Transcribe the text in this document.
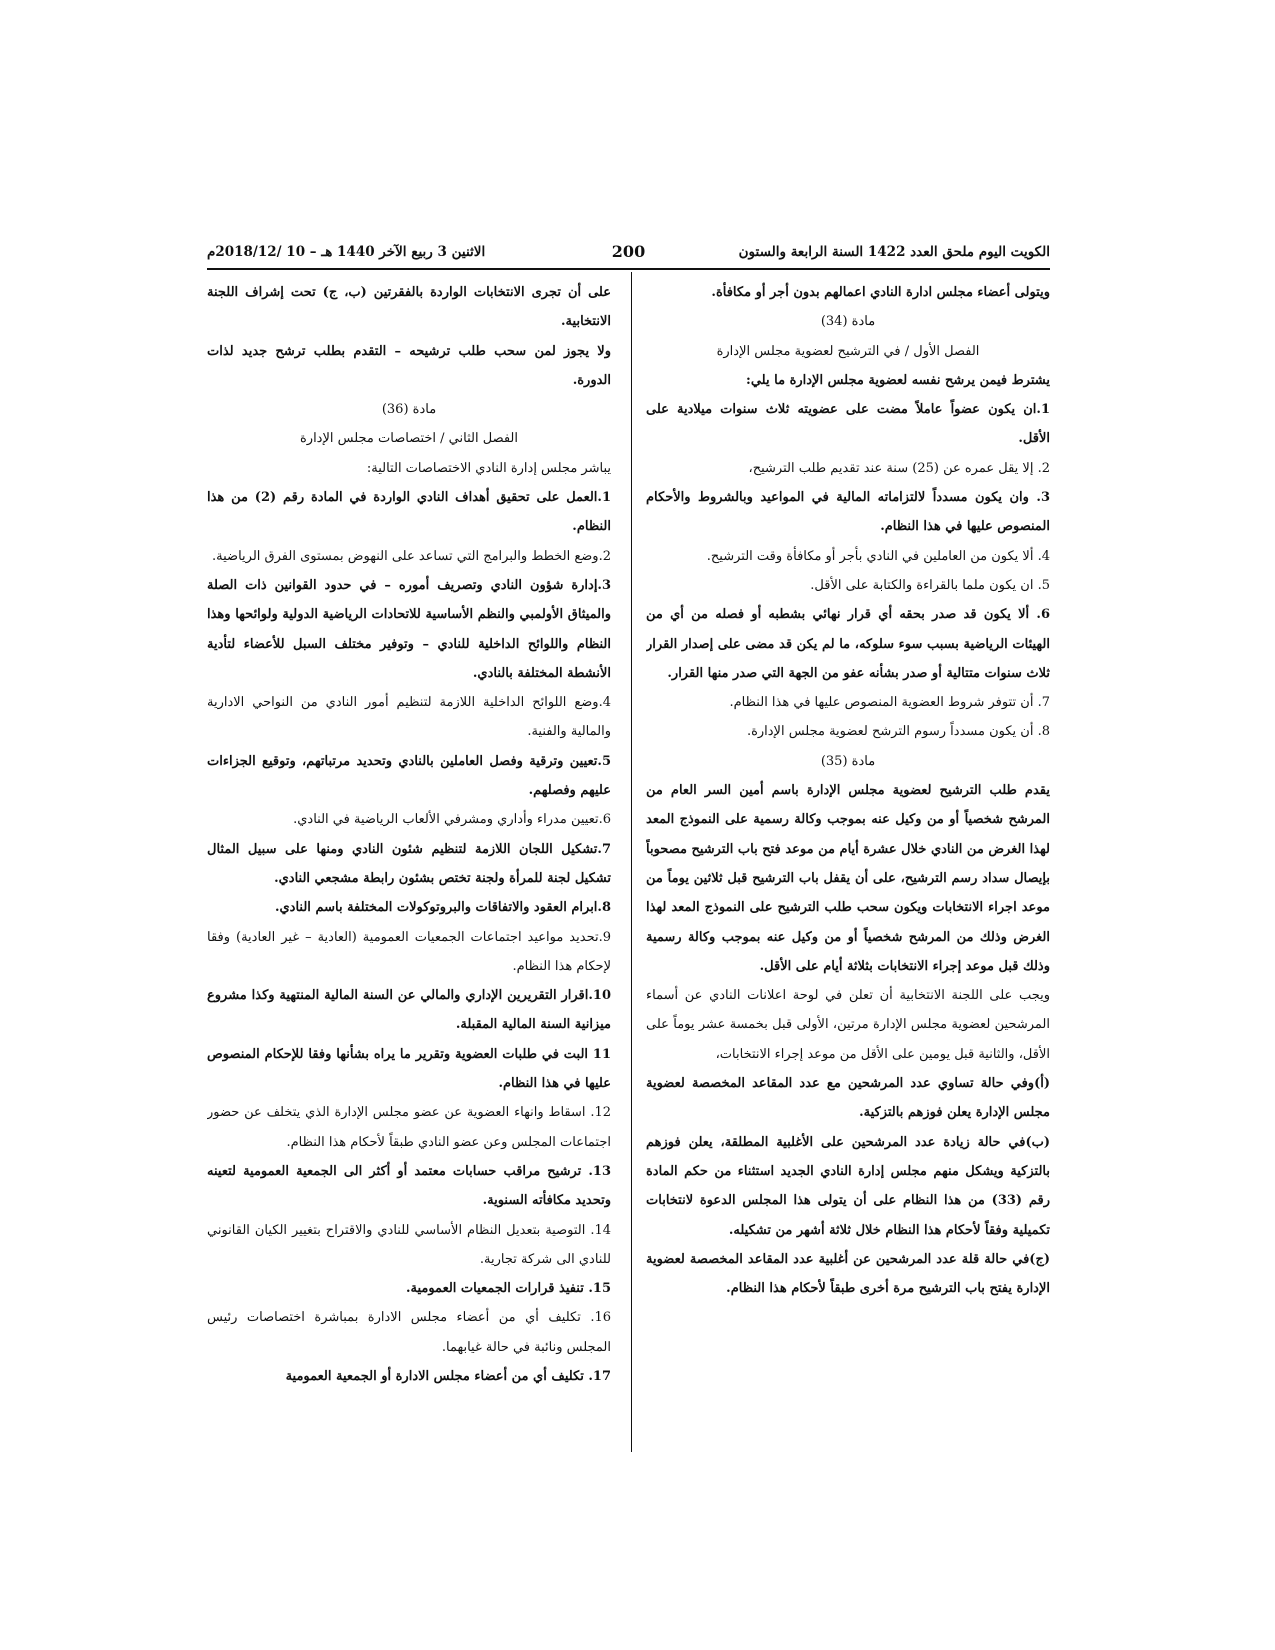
الكويت اليوم ملحق العدد 1422 السنة الرابعة والستون
200
الاثنين 3 ربيع الآخر 1440 هـ – 10 /2018/12م

ويتولى أعضاء مجلس ادارة النادي اعمالهم بدون أجر أو مكافأة.

مادة (34)

الفصل الأول / في الترشيح لعضوية مجلس الإدارة

يشترط فيمن يرشح نفسه لعضوية مجلس الإدارة ما يلي:

1.ان يكون عضواً عاملاً مضت على عضويته ثلاث سنوات ميلادية على الأقل.

2. إلا يقل عمره عن (25) سنة عند تقديم طلب الترشيح،

3. وان يكون مسدداً لالتزاماته المالية في المواعيد وبالشروط والأحكام المنصوص عليها في هذا النظام.

4. ألا يكون من العاملين في النادي بأجر أو مكافأة وقت الترشيح.

5. ان يكون ملما بالقراءة والكتابة على الأقل.

6. ألا يكون قد صدر بحقه أي قرار نهائي بشطبه أو فصله من أي من الهيئات الرياضية بسبب سوء سلوكه، ما لم يكن قد مضى على إصدار القرار ثلاث سنوات متتالية أو صدر بشأنه عفو من الجهة التي صدر منها القرار.

7. أن تتوفر شروط العضوية المنصوص عليها في هذا النظام.

8. أن يكون مسدداً رسوم الترشح لعضوية مجلس الإدارة.

مادة (35)

يقدم طلب الترشيح لعضوية مجلس الإدارة باسم أمين السر العام من المرشح شخصياً أو من وكيل عنه بموجب وكالة رسمية على النموذج المعد لهذا الغرض من النادي خلال عشرة أيام من موعد فتح باب الترشيح مصحوباً بإيصال سداد رسم الترشيح، على أن يقفل باب الترشيح قبل ثلاثين يوماً من موعد اجراء الانتخابات ويكون سحب طلب الترشيح على النموذج المعد لهذا الغرض وذلك من المرشح شخصياً أو من وكيل عنه بموجب وكالة رسمية وذلك قبل موعد إجراء الانتخابات بثلاثة أيام على الأقل.

ويجب على اللجنة الانتخابية أن تعلن في لوحة اعلانات النادي عن أسماء المرشحين لعضوية مجلس الإدارة مرتين، الأولى قبل بخمسة عشر يوماً على الأقل، والثانية قبل يومين على الأقل من موعد إجراء الانتخابات،

(أ)وفي حالة تساوي عدد المرشحين مع عدد المقاعد المخصصة لعضوية مجلس الإدارة يعلن فوزهم بالتزكية.

(ب)في حالة زيادة عدد المرشحين على الأغلبية المطلقة، يعلن فوزهم بالتزكية ويشكل منهم مجلس إدارة النادي الجديد استثناء من حكم المادة رقم (33) من هذا النظام على أن يتولى هذا المجلس الدعوة لانتخابات تكميلية وفقاً لأحكام هذا النظام خلال ثلاثة أشهر من تشكيله.

(ج)في حالة قلة عدد المرشحين عن أغلبية عدد المقاعد المخصصة لعضوية الإدارة يفتح باب الترشيح مرة أخرى طبقاً لأحكام هذا النظام.

على أن تجرى الانتخابات الواردة بالفقرتين (ب، ج) تحت إشراف اللجنة الانتخابية.

ولا يجوز لمن سحب طلب ترشيحه – التقدم بطلب ترشح جديد لذات الدورة.

مادة (36)

الفصل الثاني / اختصاصات مجلس الإدارة

يباشر مجلس إدارة النادي الاختصاصات التالية:

1.العمل على تحقيق أهداف النادي الواردة في المادة رقم (2) من هذا النظام.

2.وضع الخطط والبرامج التي تساعد على النهوض بمستوى الفرق الرياضية.

3.إدارة شؤون النادي وتصريف أموره – في حدود القوانين ذات الصلة والميثاق الأولمبي والنظم الأساسية للاتحادات الرياضية الدولية ولوائحها وهذا النظام واللوائح الداخلية للنادي – وتوفير مختلف السبل للأعضاء لتأدية الأنشطة المختلفة بالنادي.

4.وضع اللوائح الداخلية اللازمة لتنظيم أمور النادي من النواحي الادارية والمالية والفنية.

5.تعيين وترقية وفصل العاملين بالنادي وتحديد مرتباتهم، وتوقيع الجزاءات عليهم وفصلهم.

6.تعيين مدراء وأداري ومشرفي الألعاب الرياضية في النادي.

7.تشكيل اللجان اللازمة لتنظيم شئون النادي ومنها على سبيل المثال تشكيل لجنة للمرأة ولجنة تختص بشئون رابطة مشجعي النادي.

8.ابرام العقود والاتفاقات والبروتوكولات المختلفة باسم النادي.

9.تحديد مواعيد اجتماعات الجمعيات العمومية (العادية – غير العادية) وفقا لإحكام هذا النظام.

10.اقرار التقريرين الإداري والمالي عن السنة المالية المنتهية وكذا مشروع ميزانية السنة المالية المقبلة.

11 البت في طلبات العضوية وتقرير ما يراه بشأنها وفقا للإحكام المنصوص عليها في هذا النظام.

12. اسقاط وانهاء العضوية عن عضو مجلس الإدارة الذي يتخلف عن حضور اجتماعات المجلس وعن عضو النادي طبقاً لأحكام هذا النظام.

13. ترشيح مراقب حسابات معتمد أو أكثر الى الجمعية العمومية لتعينه وتحديد مكافأته السنوية.

14. التوصية بتعديل النظام الأساسي للنادي والاقتراح بتغيير الكيان القانوني للنادي الى شركة تجارية.

15. تنفيذ قرارات الجمعيات العمومية.

16. تكليف أي من أعضاء مجلس الادارة بمباشرة اختصاصات رئيس المجلس ونائبة في حالة غيابهما.

17. تكليف أي من أعضاء مجلس الادارة أو الجمعية العمومية
